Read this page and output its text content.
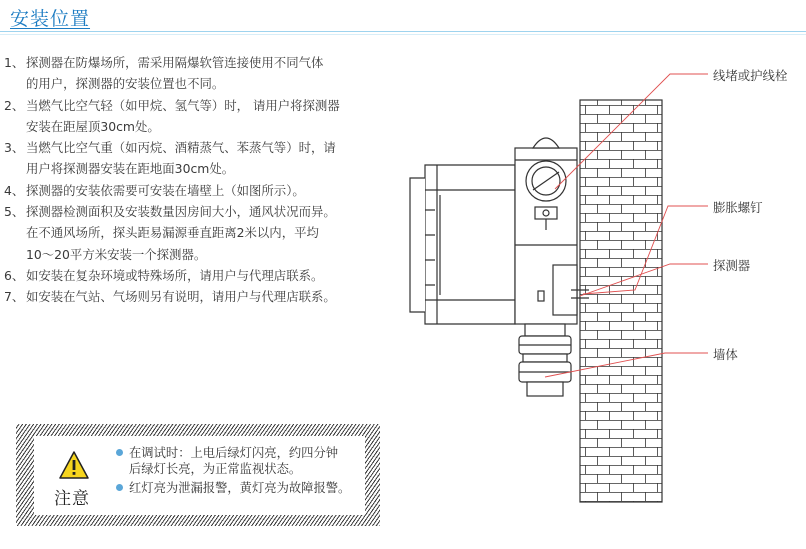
安装位置
1、 探测器在防爆场所，需采用隔爆软管连接使用不同气体
的用户，探测器的安装位置也不同。
2、 当燃气比空气轻（如甲烷、氢气等）时， 请用户将探测器
安装在距屋顶30cm处。
3、 当燃气比空气重（如丙烷、酒精蒸气、苯蒸气等）时，请
用户将探测器安装在距地面30cm处。
4、 探测器的安装依需要可安装在墙壁上（如图所示）。
5、 探测器检测面积及安装数量因房间大小，通风状况而异。
在不通风场所，探头距易漏源垂直距离2米以内，平均
10～20平方米安装一个探测器。
6、 如安装在复杂环境或特殊场所，请用户与代理店联系。
7、 如安装在气站、气场则另有说明，请用户与代理店联系。
注意
在调试时：上电后绿灯闪亮，约四分钟
后绿灯长亮，为正常监视状态。
红灯亮为泄漏报警，黄灯亮为故障报警。
线堵或护线栓
膨胀螺钉
探测器
墙体
